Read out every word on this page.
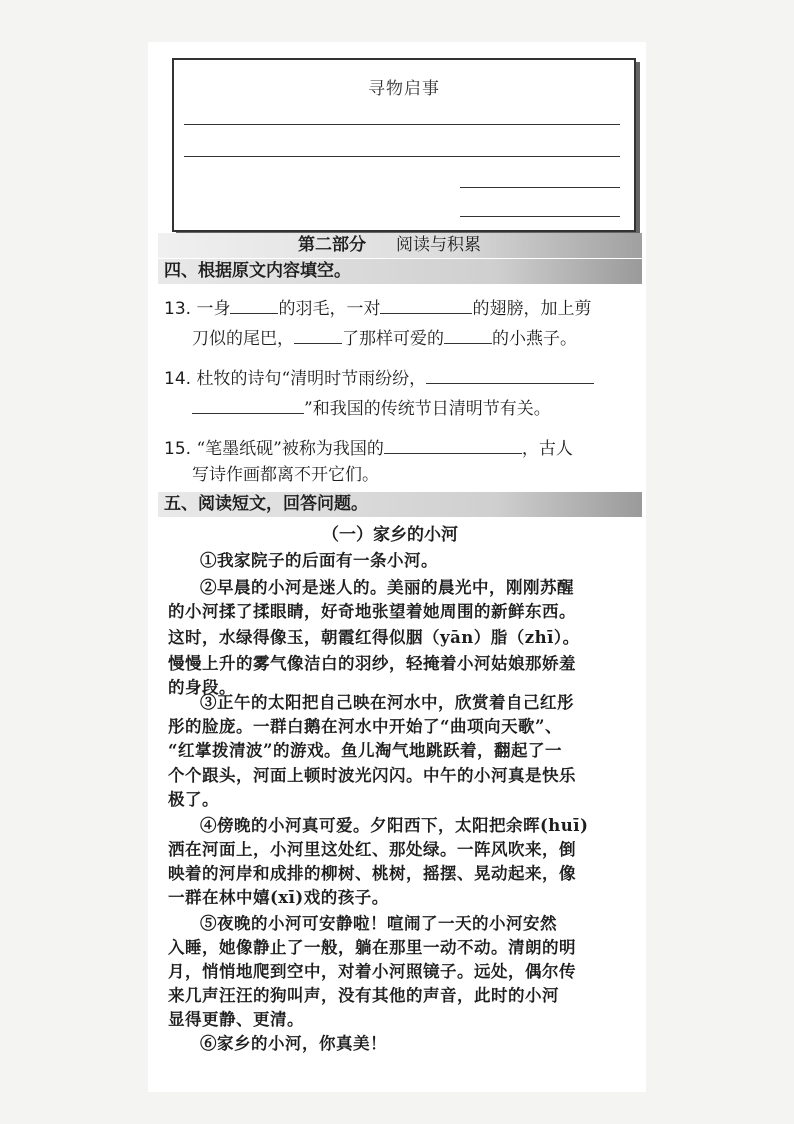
寻物启事
第二部分 阅读与积累
四、根据原文内容填空。
13. 一身	的羽毛，一对	的翅膀，加上剪
刀似的尾巴，	了那样可爱的	的小燕子。
14. 杜牧的诗句“清明时节雨纷纷，
”和我国的传统节日清明节有关。
15. “笔墨纸砚”被称为我国的	，古人
写诗作画都离不开它们。
五、阅读短文，回答问题。
（一）家乡的小河
①我家院子的后面有一条小河。
②早晨的小河是迷人的。美丽的晨光中，刚刚苏醒
的小河揉了揉眼睛，好奇地张望着她周围的新鲜东西。
这时，水绿得像玉，朝霞红得似胭（yān）脂（zhī）。
慢慢上升的雾气像洁白的羽纱，轻掩着小河姑娘那娇羞
的身段。
③正午的太阳把自己映在河水中，欣赏着自己红彤
彤的脸庞。一群白鹅在河水中开始了“曲项向天歌”、
“红掌拨清波”的游戏。鱼儿淘气地跳跃着，翻起了一
个个跟头，河面上顿时波光闪闪。中午的小河真是快乐
极了。
④傍晚的小河真可爱。夕阳西下，太阳把余晖(huī)
洒在河面上，小河里这处红、那处绿。一阵风吹来，倒
映着的河岸和成排的柳树、桃树，摇摆、晃动起来，像
一群在林中嬉(xī)戏的孩子。
⑤夜晚的小河可安静啦！喧闹了一天的小河安然
入睡，她像静止了一般，躺在那里一动不动。清朗的明
月，悄悄地爬到空中，对着小河照镜子。远处，偶尔传
来几声汪汪的狗叫声，没有其他的声音，此时的小河
显得更静、更清。
⑥家乡的小河，你真美！
